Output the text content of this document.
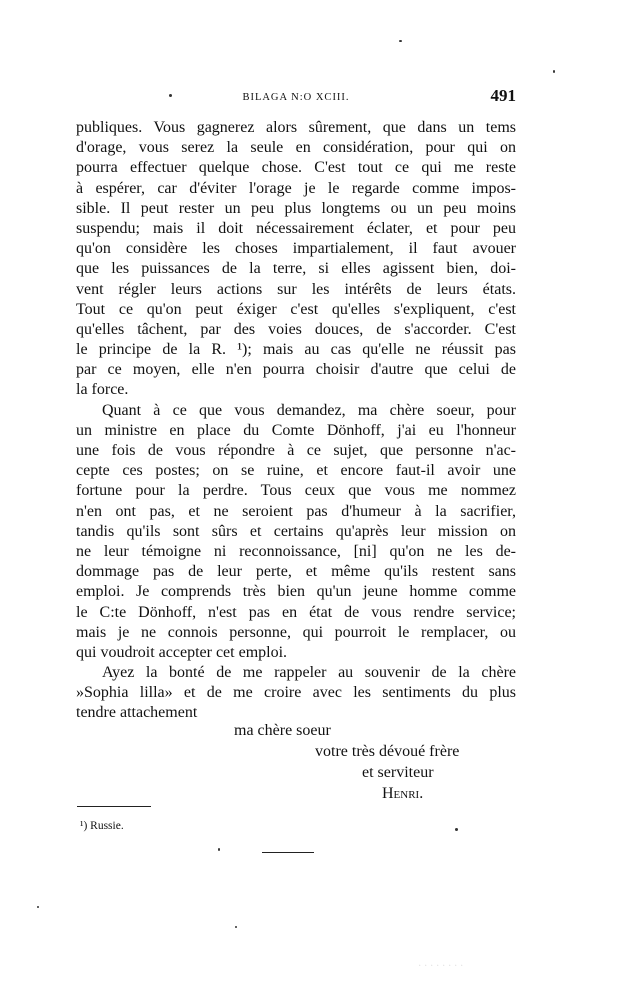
BILAGA N:O XCIII.	491
publiques. Vous gagnerez alors sûrement, que dans un tems
d'orage, vous serez la seule en considération, pour qui on
pourra effectuer quelque chose. C'est tout ce qui me reste
à espérer, car d'éviter l'orage je le regarde comme impos-
sible. Il peut rester un peu plus longtems ou un peu moins
suspendu; mais il doit nécessairement éclater, et pour peu
qu'on considère les choses impartialement, il faut avouer
que les puissances de la terre, si elles agissent bien, doi-
vent régler leurs actions sur les intérêts de leurs états.
Tout ce qu'on peut éxiger c'est qu'elles s'expliquent, c'est
qu'elles tâchent, par des voies douces, de s'accorder. C'est
le principe de la R. ¹); mais au cas qu'elle ne réussit pas
par ce moyen, elle n'en pourra choisir d'autre que celui de
la force.
Quant à ce que vous demandez, ma chère soeur, pour
un ministre en place du Comte Dönhoff, j'ai eu l'honneur
une fois de vous répondre à ce sujet, que personne n'ac-
cepte ces postes; on se ruine, et encore faut-il avoir une
fortune pour la perdre. Tous ceux que vous me nommez
n'en ont pas, et ne seroient pas d'humeur à la sacrifier,
tandis qu'ils sont sûrs et certains qu'après leur mission on
ne leur témoigne ni reconnoissance, [ni] qu'on ne les de-
dommage pas de leur perte, et même qu'ils restent sans
emploi. Je comprends très bien qu'un jeune homme comme
le C:te Dönhoff, n'est pas en état de vous rendre service;
mais je ne connois personne, qui pourroit le remplacer, ou
qui voudroit accepter cet emploi.
Ayez la bonté de me rappeler au souvenir de la chère
»Sophia lilla» et de me croire avec les sentiments du plus
tendre attachement
ma chère soeur
votre très dévoué frère
et serviteur
Henri.
¹) Russie.
· · · · · · · ·
